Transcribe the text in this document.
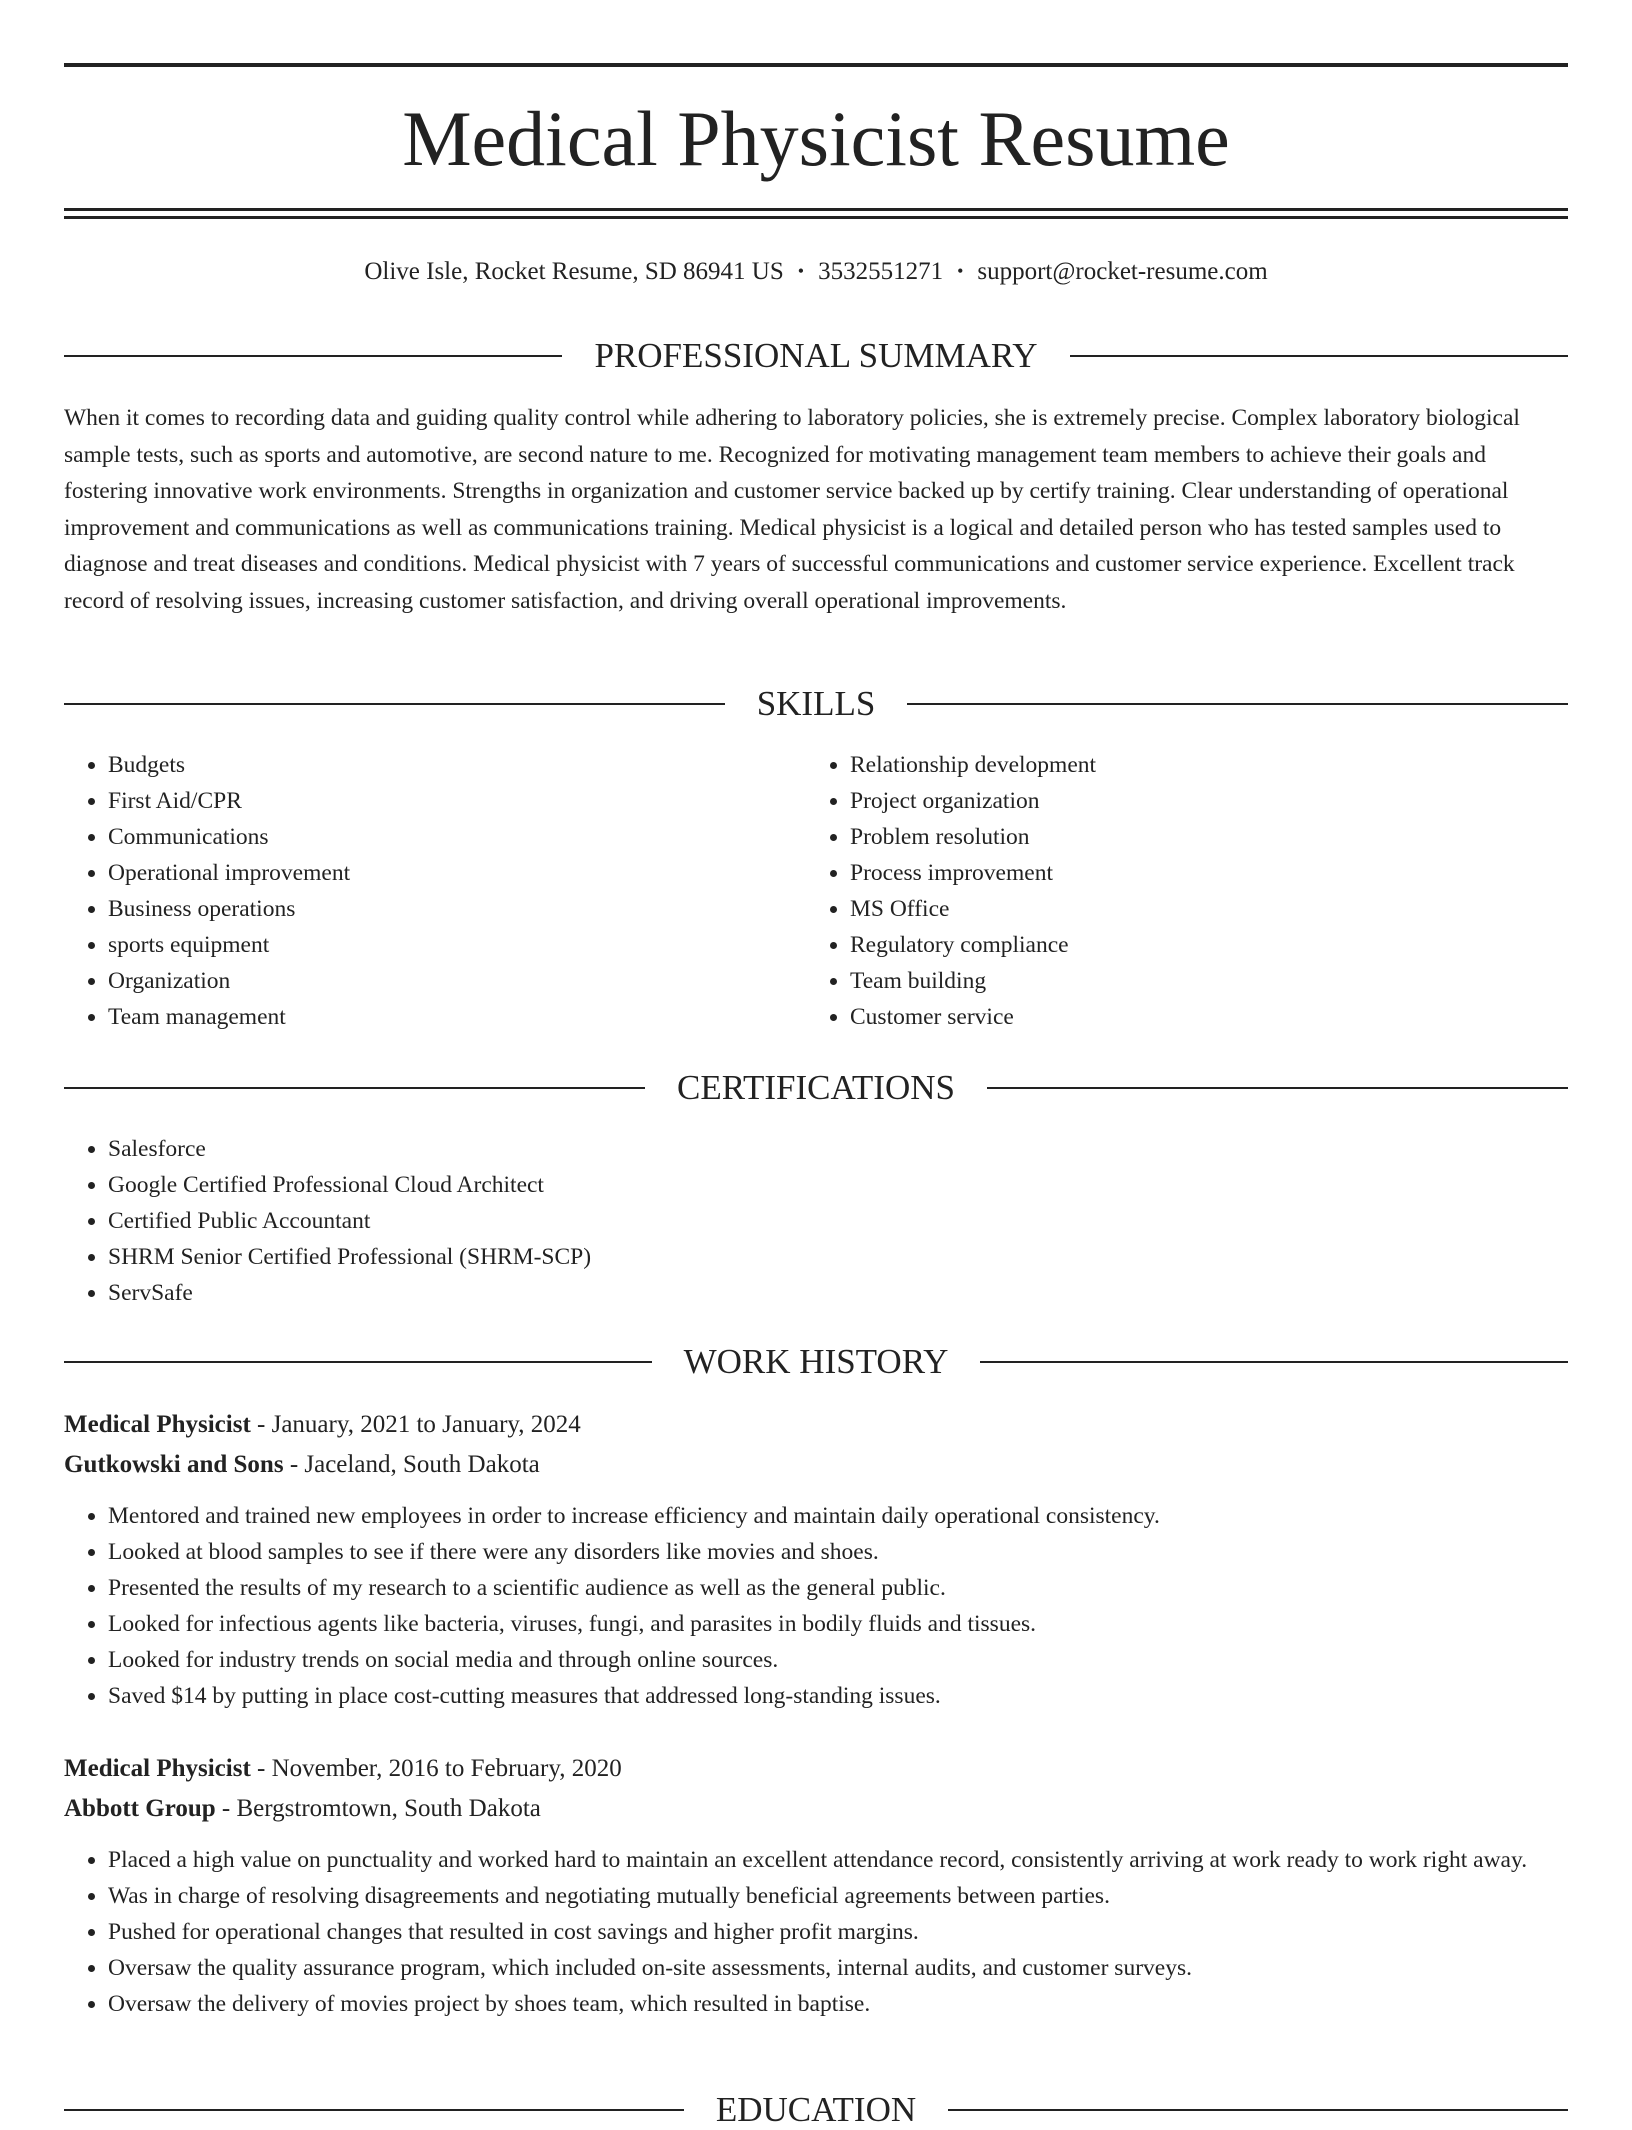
Medical Physicist Resume
Olive Isle, Rocket Resume, SD 86941 US • 3532551271 • support@rocket-resume.com
PROFESSIONAL SUMMARY

When it comes to recording data and guiding quality control while adhering to laboratory policies, she is extremely precise. Complex laboratory biological sample tests, such as sports and automotive, are second nature to me. Recognized for motivating management team members to achieve their goals and fostering innovative work environments. Strengths in organization and customer service backed up by certify training. Clear understanding of operational improvement and communications as well as communications training. Medical physicist is a logical and detailed person who has tested samples used to diagnose and treat diseases and conditions. Medical physicist with 7 years of successful communications and customer service experience. Excellent track record of resolving issues, increasing customer satisfaction, and driving overall operational improvements.

SKILLS
• Budgets
• First Aid/CPR
• Communications
• Operational improvement
• Business operations
• sports equipment
• Organization
• Team management
• Relationship development
• Project organization
• Problem resolution
• Process improvement
• MS Office
• Regulatory compliance
• Team building
• Customer service
CERTIFICATIONS
• Salesforce
• Google Certified Professional Cloud Architect
• Certified Public Accountant
• SHRM Senior Certified Professional (SHRM-SCP)
• ServSafe
WORK HISTORY
Medical Physicist - January, 2021 to January, 2024
Gutkowski and Sons - Jaceland, South Dakota
• Mentored and trained new employees in order to increase efficiency and maintain daily operational consistency.
• Looked at blood samples to see if there were any disorders like movies and shoes.
• Presented the results of my research to a scientific audience as well as the general public.
• Looked for infectious agents like bacteria, viruses, fungi, and parasites in bodily fluids and tissues.
• Looked for industry trends on social media and through online sources.
• Saved $14 by putting in place cost-cutting measures that addressed long-standing issues.
Medical Physicist - November, 2016 to February, 2020
Abbott Group - Bergstromtown, South Dakota
• Placed a high value on punctuality and worked hard to maintain an excellent attendance record, consistently arriving at work ready to work right away.
• Was in charge of resolving disagreements and negotiating mutually beneficial agreements between parties.
• Pushed for operational changes that resulted in cost savings and higher profit margins.
• Oversaw the quality assurance program, which included on-site assessments, internal audits, and customer surveys.
• Oversaw the delivery of movies project by shoes team, which resulted in baptise.
EDUCATION
